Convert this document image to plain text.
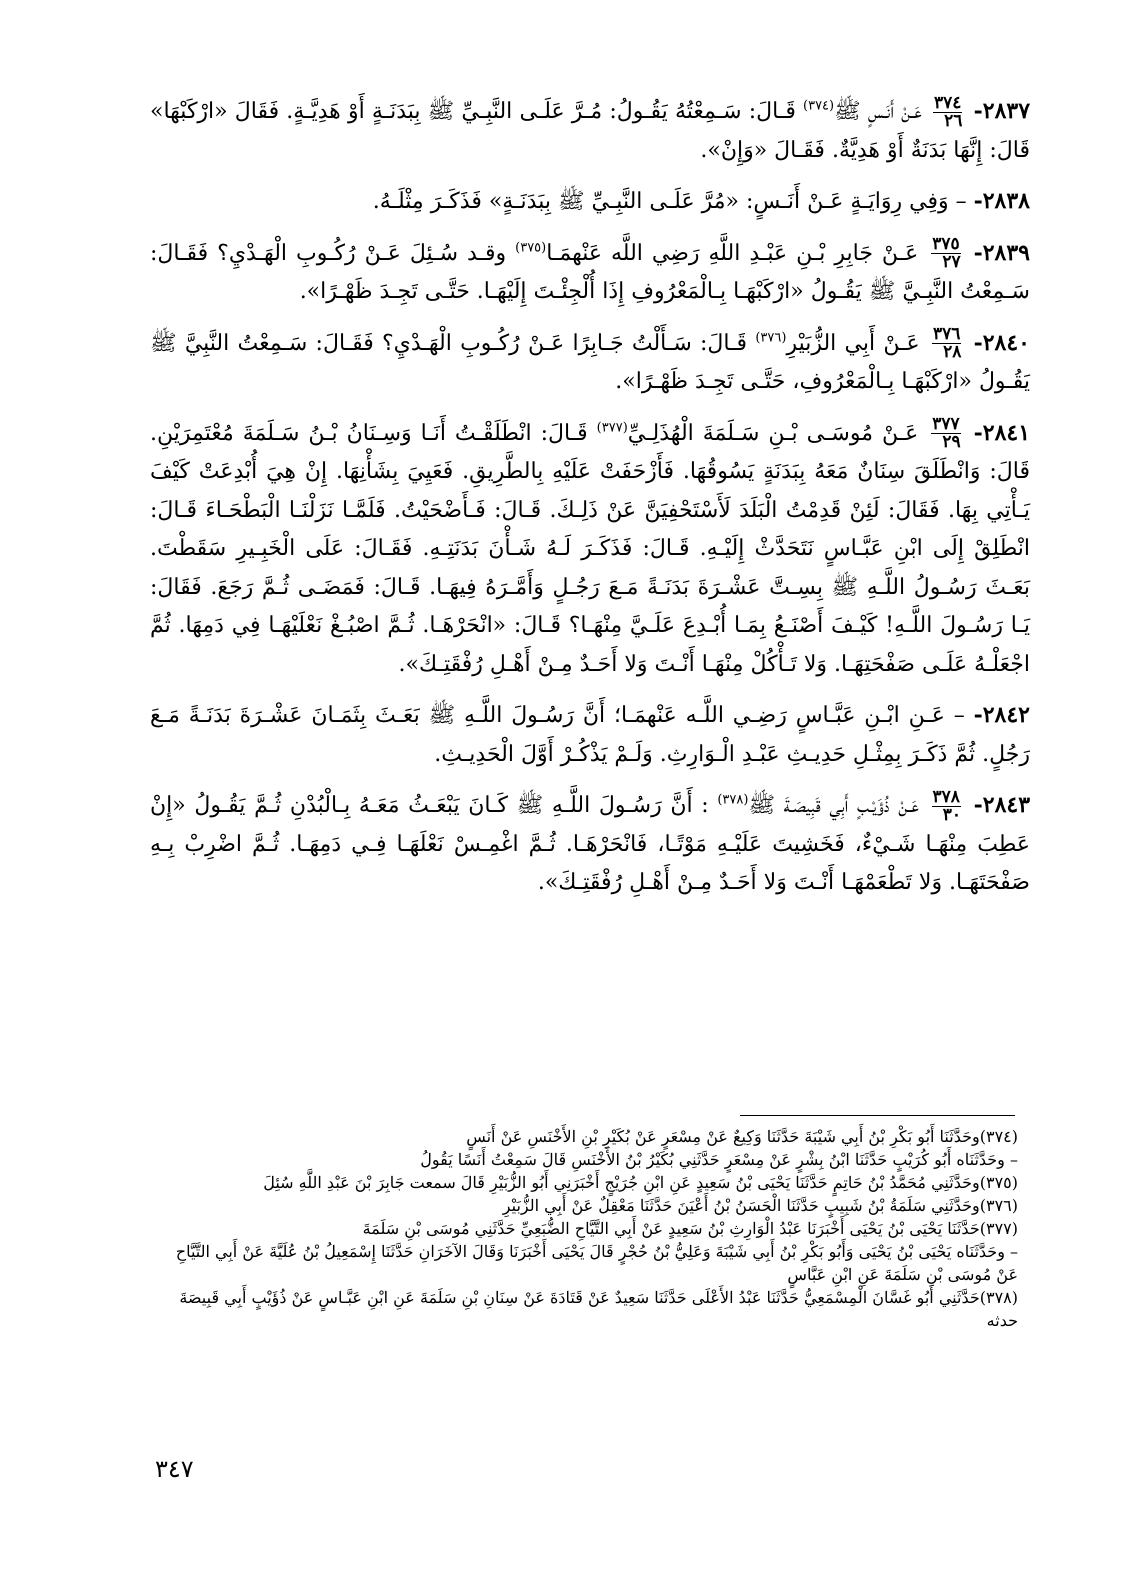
٢٨٣٧-
$\frac{٣٧٤}{٢٦}$
عَـنْ أَنَـسٍ ﷺ$^{(٣٧٤)}$ قَـالَ: سَـمِعْتُهُ يَقُـولُ: مُـرَّ عَلَـى النَّبِـيِّ ﷺ بِبَدَنَـةٍ أَوْ هَدِيَّـةٍ. فَقَالَ «ارْكَبْهَا» قَالَ: إِنَّهَا بَدَنَةٌ أَوْ هَدِيَّةٌ. فَقَـالَ «وَإِنْ».

٢٨٣٨- – وَفِي رِوَايَـةٍ عَـنْ أَنَـسٍ: «مُرَّ عَلَـى النَّبِـيِّ ﷺ بِبَدَنَـةٍ» فَذَكَـرَ مِثْلَـهُ.

٢٨٣٩-
$\frac{٣٧٥}{٢٧}$
عَـنْ جَابِرِ بْـنِ عَبْـدِ اللَّهِ رَضِي اللَّه عَنْهمَـا$^{(٣٧٥)}$ وقـد سُـئِلَ عَـنْ رُكُـوبِ الْهَـدْيِ؟ فَقَـالَ: سَـمِعْتُ النَّبِـيَّ ﷺ يَقُـولُ «ارْكَبْهَـا بِـالْمَعْرُوفِ إِذَا أُلْجِئْـتَ إِلَيْهَـا. حَتَّـى تَجِـدَ ظَهْـرًا».

٢٨٤٠-
$\frac{٣٧٦}{٢٨}$
عَـنْ أَبِي الزُّبَيْرِ$^{(٣٧٦)}$ قَـالَ: سَـأَلْتُ جَـابِرًا عَـنْ رُكُـوبِ الْهَـدْيِ؟ فَقَـالَ: سَـمِعْتُ النَّبِيَّ ﷺ يَقُـولُ «ارْكَبْهَـا بِـالْمَعْرُوفِ، حَتَّـى تَجِـدَ ظَهْـرًا».

٢٨٤١-
$\frac{٣٧٧}{٢٩}$
عَـنْ مُوسَـى بْـنِ سَـلَمَةَ الْهُذَلِـيِّ$^{(٣٧٧)}$ قَـالَ: انْطَلَقْـتُ أَنَـا وَسِـنَانُ بْـنُ سَـلَمَةَ مُعْتَمِرَيْنِ. قَالَ: وَانْطَلَقَ سِنَانٌ مَعَهُ بِبَدَنَةٍ يَسُوقُهَا. فَأَزْحَفَتْ عَلَيْهِ بِالطَّرِيقِ. فَعَيِيَ بِشَأْنِهَا. إِنْ هِيَ أُبْدِعَتْ كَيْفَ يَـأْتِي بِهَا. فَقَالَ: لَئِنْ قَدِمْتُ الْبَلَدَ لَأَسْتَحْفِيَنَّ عَنْ ذَلِـكَ. قَـالَ: فَـأَضْحَيْتُ. فَلَمَّـا نَزَلْنَـا الْبَطْحَـاءَ قَـالَ: انْطَلِقْ إِلَى ابْنِ عَبَّـاسٍ نَتَحَدَّثْ إِلَيْـهِ. قَـالَ: فَذَكَـرَ لَـهُ شَـأْنَ بَدَنَتِـهِ. فَقَـالَ: عَلَى الْخَبِـيرِ سَقَطْتَ. بَعَـثَ رَسُـولُ اللَّـهِ ﷺ بِسِـتَّ عَشْـرَةَ بَدَنَـةً مَـعَ رَجُـلٍ وَأَمَّـرَهُ فِيهَـا. قَـالَ: فَمَضَـى ثُـمَّ رَجَعَ. فَقَالَ: يَـا رَسُـولَ اللَّـهِ! كَيْـفَ أَصْنَـعُ بِمَـا أُبْـدِعَ عَلَـيَّ مِنْهَـا؟ قَـالَ: «انْحَرْهَـا. ثُـمَّ اصْبُـغْ نَعْلَيْهَـا فِي دَمِهَا. ثُمَّ اجْعَلْـهُ عَلَـى صَفْحَتِهَـا. وَلا تَـأْكُلْ مِنْهَـا أَنْـتَ وَلا أَحَـدٌ مِـنْ أَهْـلِ رُفْقَتِـكَ».

٢٨٤٢- – عَـنِ ابْـنِ عَبَّـاسٍ رَضِـي اللَّـه عَنْهمَـا؛ أَنَّ رَسُـولَ اللَّـهِ ﷺ بَعَـثَ بِثَمَـانَ عَشْـرَةَ بَدَنَـةً مَـعَ رَجُلٍ. ثُمَّ ذَكَـرَ بِمِثْـلِ حَدِيـثِ عَبْـدِ الْـوَارِثِ. وَلَـمْ يَذْكُـرْ أَوَّلَ الْحَدِيـثِ.

٢٨٤٣-
$\frac{٣٧٨}{٣٠}$
عَـنْ ذُؤَيْـبٍ أَبِي قَبِيصَـةَ ﷺ$^{(٣٧٨)}$ : أَنَّ رَسُـولَ اللَّـهِ ﷺ كَـانَ يَبْعَـثُ مَعَـهُ بِـالْبُدْنِ ثُـمَّ يَقُـولُ «إِنْ عَطِبَ مِنْهَـا شَـيْءٌ، فَخَشِيتَ عَلَيْـهِ مَوْتًـا، فَانْحَرْهَـا. ثُـمَّ اغْمِـسْ نَعْلَهَـا فِـي دَمِهَـا. ثُـمَّ اضْرِبْ بِـهِ صَفْحَتَهَـا. وَلا تَطْعَمْهَـا أَنْـتَ وَلا أَحَـدٌ مِـنْ أَهْـلِ رُفْقَتِـكَ».

(٣٧٤)وحَدَّثَنَا أَبُو بَكْرِ بْنُ أَبِي شَيْبَةَ حَدَّثَنَا وَكِيعٌ عَنْ مِسْعَرٍ عَنْ بُكَيْرِ بْنِ الأَخْنَسِ عَنْ أَنَسٍ

– وحَدَّثَنَاه أَبُو كُرَيْبٍ حَدَّثَنَا ابْنُ بِشْرٍ عَنْ مِسْعَرٍ حَدَّثَنِي بُكَيْرُ بْنُ الأَخْنَسِ قَالَ سَمِعْتُ أَنَسًا يَقُولُ

(٣٧٥)وحَدَّثَنِي مُحَمَّدُ بْنُ حَاتِمٍ حَدَّثَنَا يَحْيَى بْنُ سَعِيدٍ عَنِ ابْنِ جُرَيْجٍ أَخْبَرَنِي أَبُو الزُّبَيْرِ قَالَ سمعت جَابِرَ بْنَ عَبْدِ اللَّهِ سُئِلَ

(٣٧٦)وحَدَّثَنِي سَلَمَةُ بْنُ شَبِيبٍ حَدَّثَنَا الْحَسَنُ بْنُ أَعْيَنَ حَدَّثَنَا مَعْقِلٌ عَنْ أَبِي الزُّبَيْرِ

(٣٧٧)حَدَّثَنَا يَحْيَى بْنُ يَحْيَى أَخْبَرَنَا عَبْدُ الْوَارِثِ بْنُ سَعِيدٍ عَنْ أَبِي التَّيَّاحِ الضُّبَعِيِّ حَدَّثَنِي مُوسَى بْنِ سَلَمَةَ

– وحَدَّثَنَاه يَحْيَى بْنُ يَحْيَى وَأَبُو بَكْرِ بْنُ أَبِي شَيْبَةَ وَعَلِيُّ بْنُ حُجْرٍ قَالَ يَحْيَى أَخْبَرَنَا وَقَالَ الآخَرَانِ حَدَّثَنَا إِسْمَعِيلُ بْنُ عُلَيَّةَ عَنْ أَبِي التَّيَّاحِ عَنْ مُوسَى بْنِ سَلَمَةَ عَنِ ابْنِ عَبَّاسٍ

(٣٧٨)حَدَّثَنِي أَبُو غَسَّانَ الْمِسْمَعِيُّ حَدَّثَنَا عَبْدُ الأَعْلَى حَدَّثَنَا سَعِيدٌ عَنْ قَتَادَةَ عَنْ سِنَانِ بْنِ سَلَمَةَ عَنِ ابْنِ عَبَّـاسٍ عَنْ ذُؤَيْبٍ أَبِي قَبِيصَةَ حدثه

٣٤٧
